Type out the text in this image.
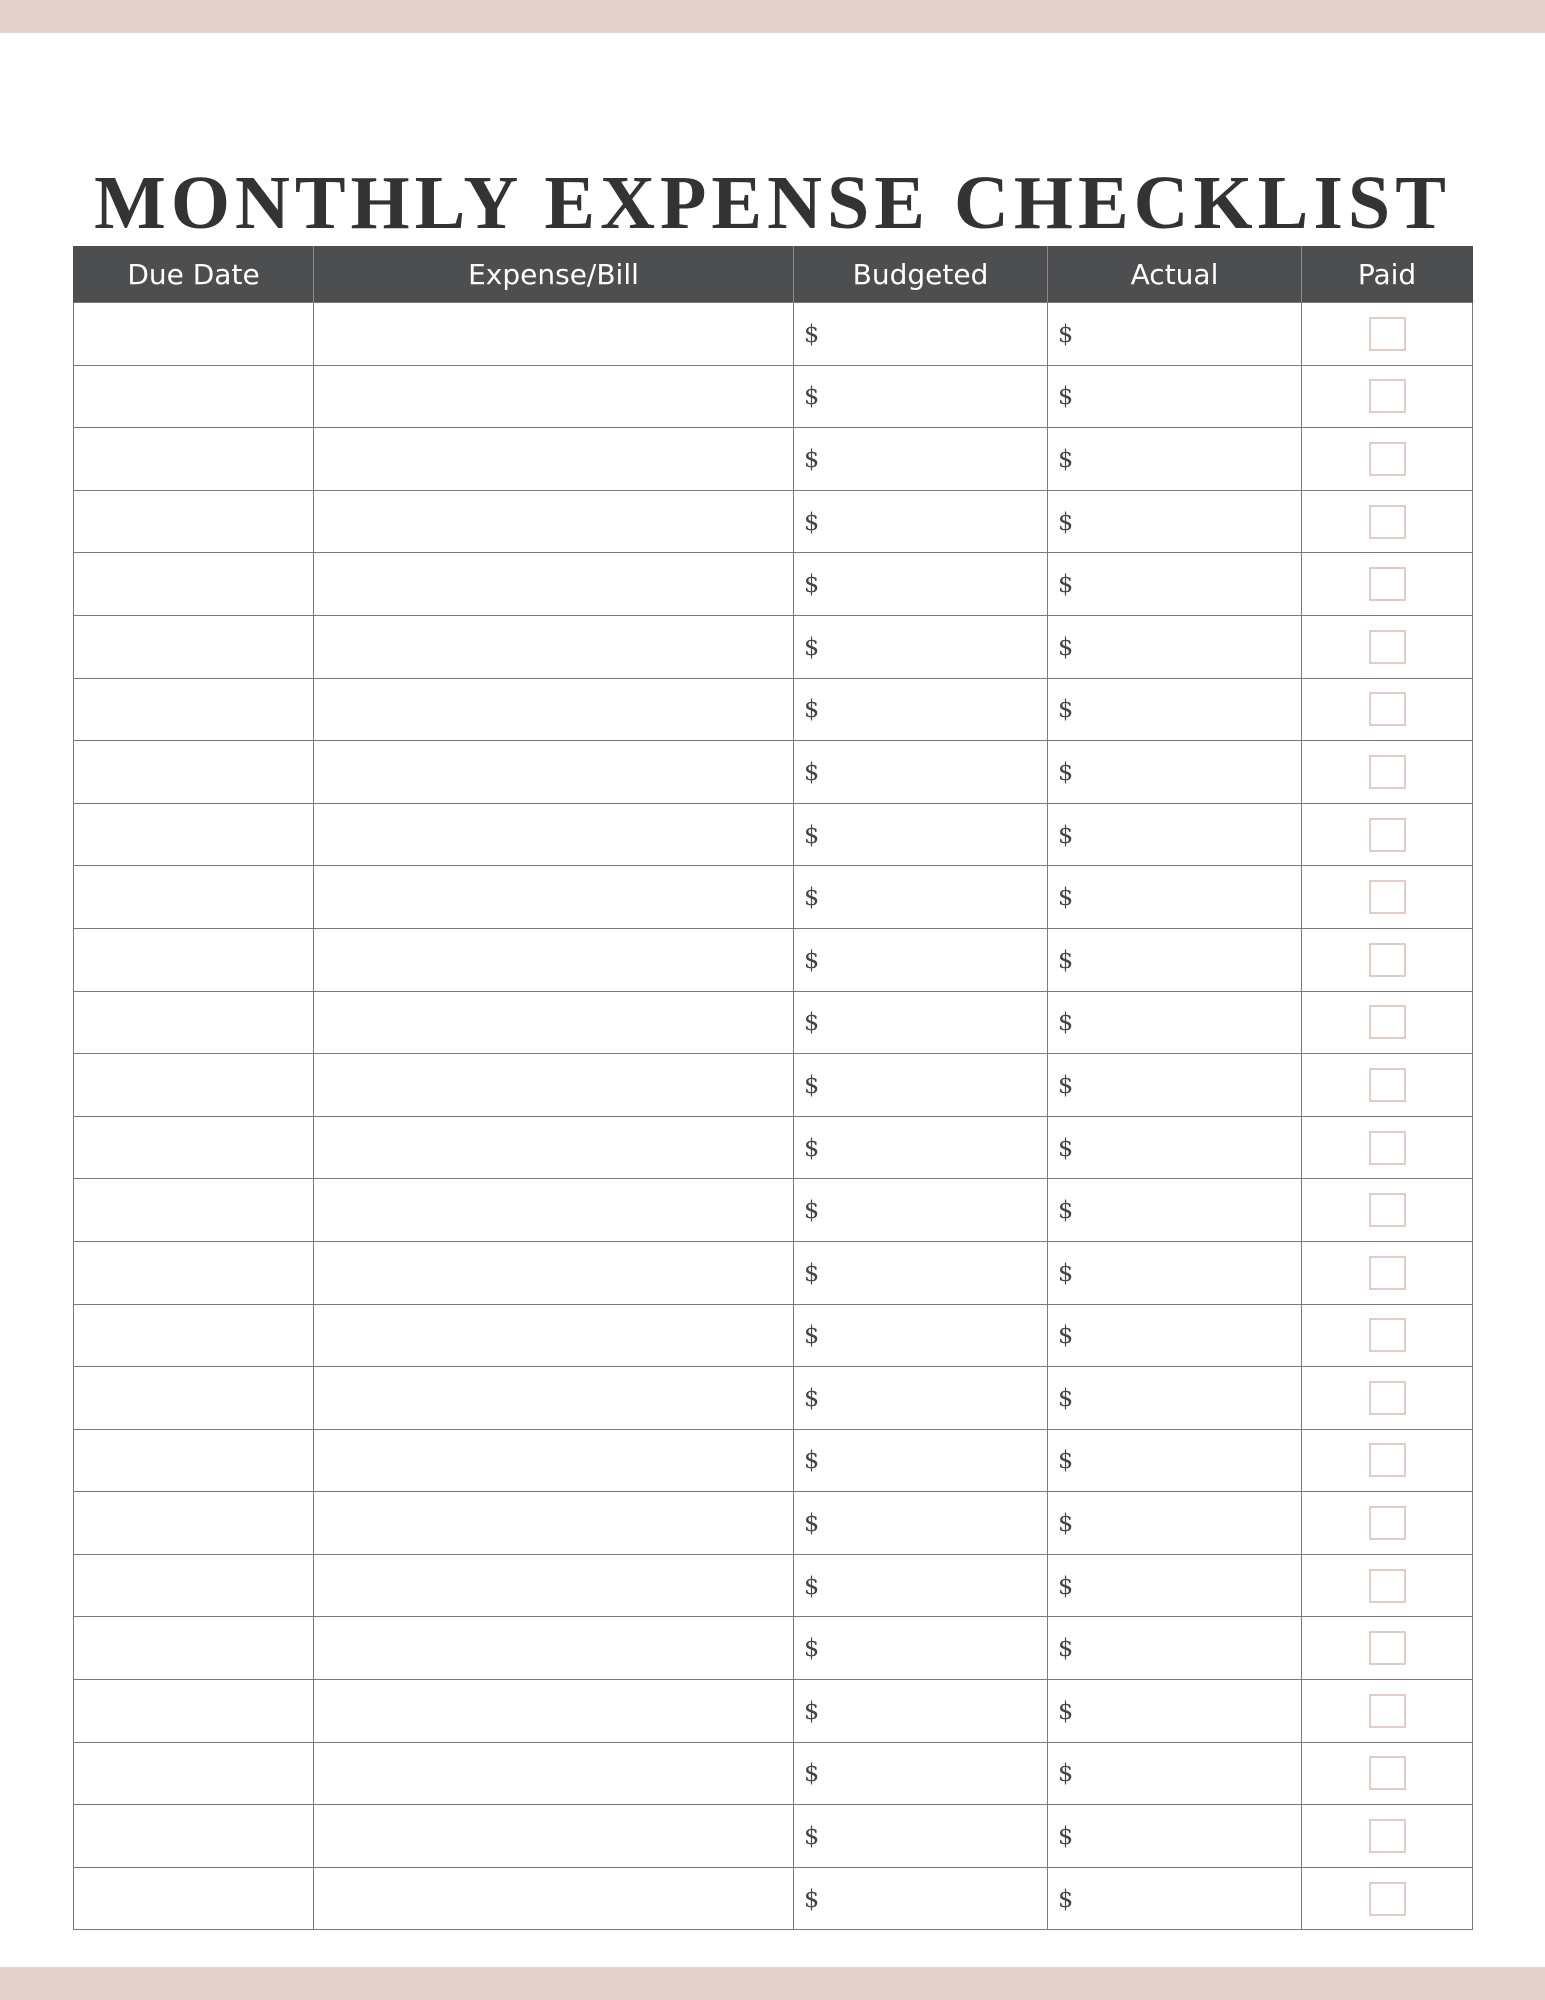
MONTHLY EXPENSE CHECKLIST
Due Date	Expense/Bill	Budgeted	Actual	Paid
		$	$	
		$	$	
		$	$	
		$	$	
		$	$	
		$	$	
		$	$	
		$	$	
		$	$	
		$	$	
		$	$	
		$	$	
		$	$	
		$	$	
		$	$	
		$	$	
		$	$	
		$	$	
		$	$	
		$	$	
		$	$	
		$	$	
		$	$	
		$	$	
		$	$	
		$	$	
